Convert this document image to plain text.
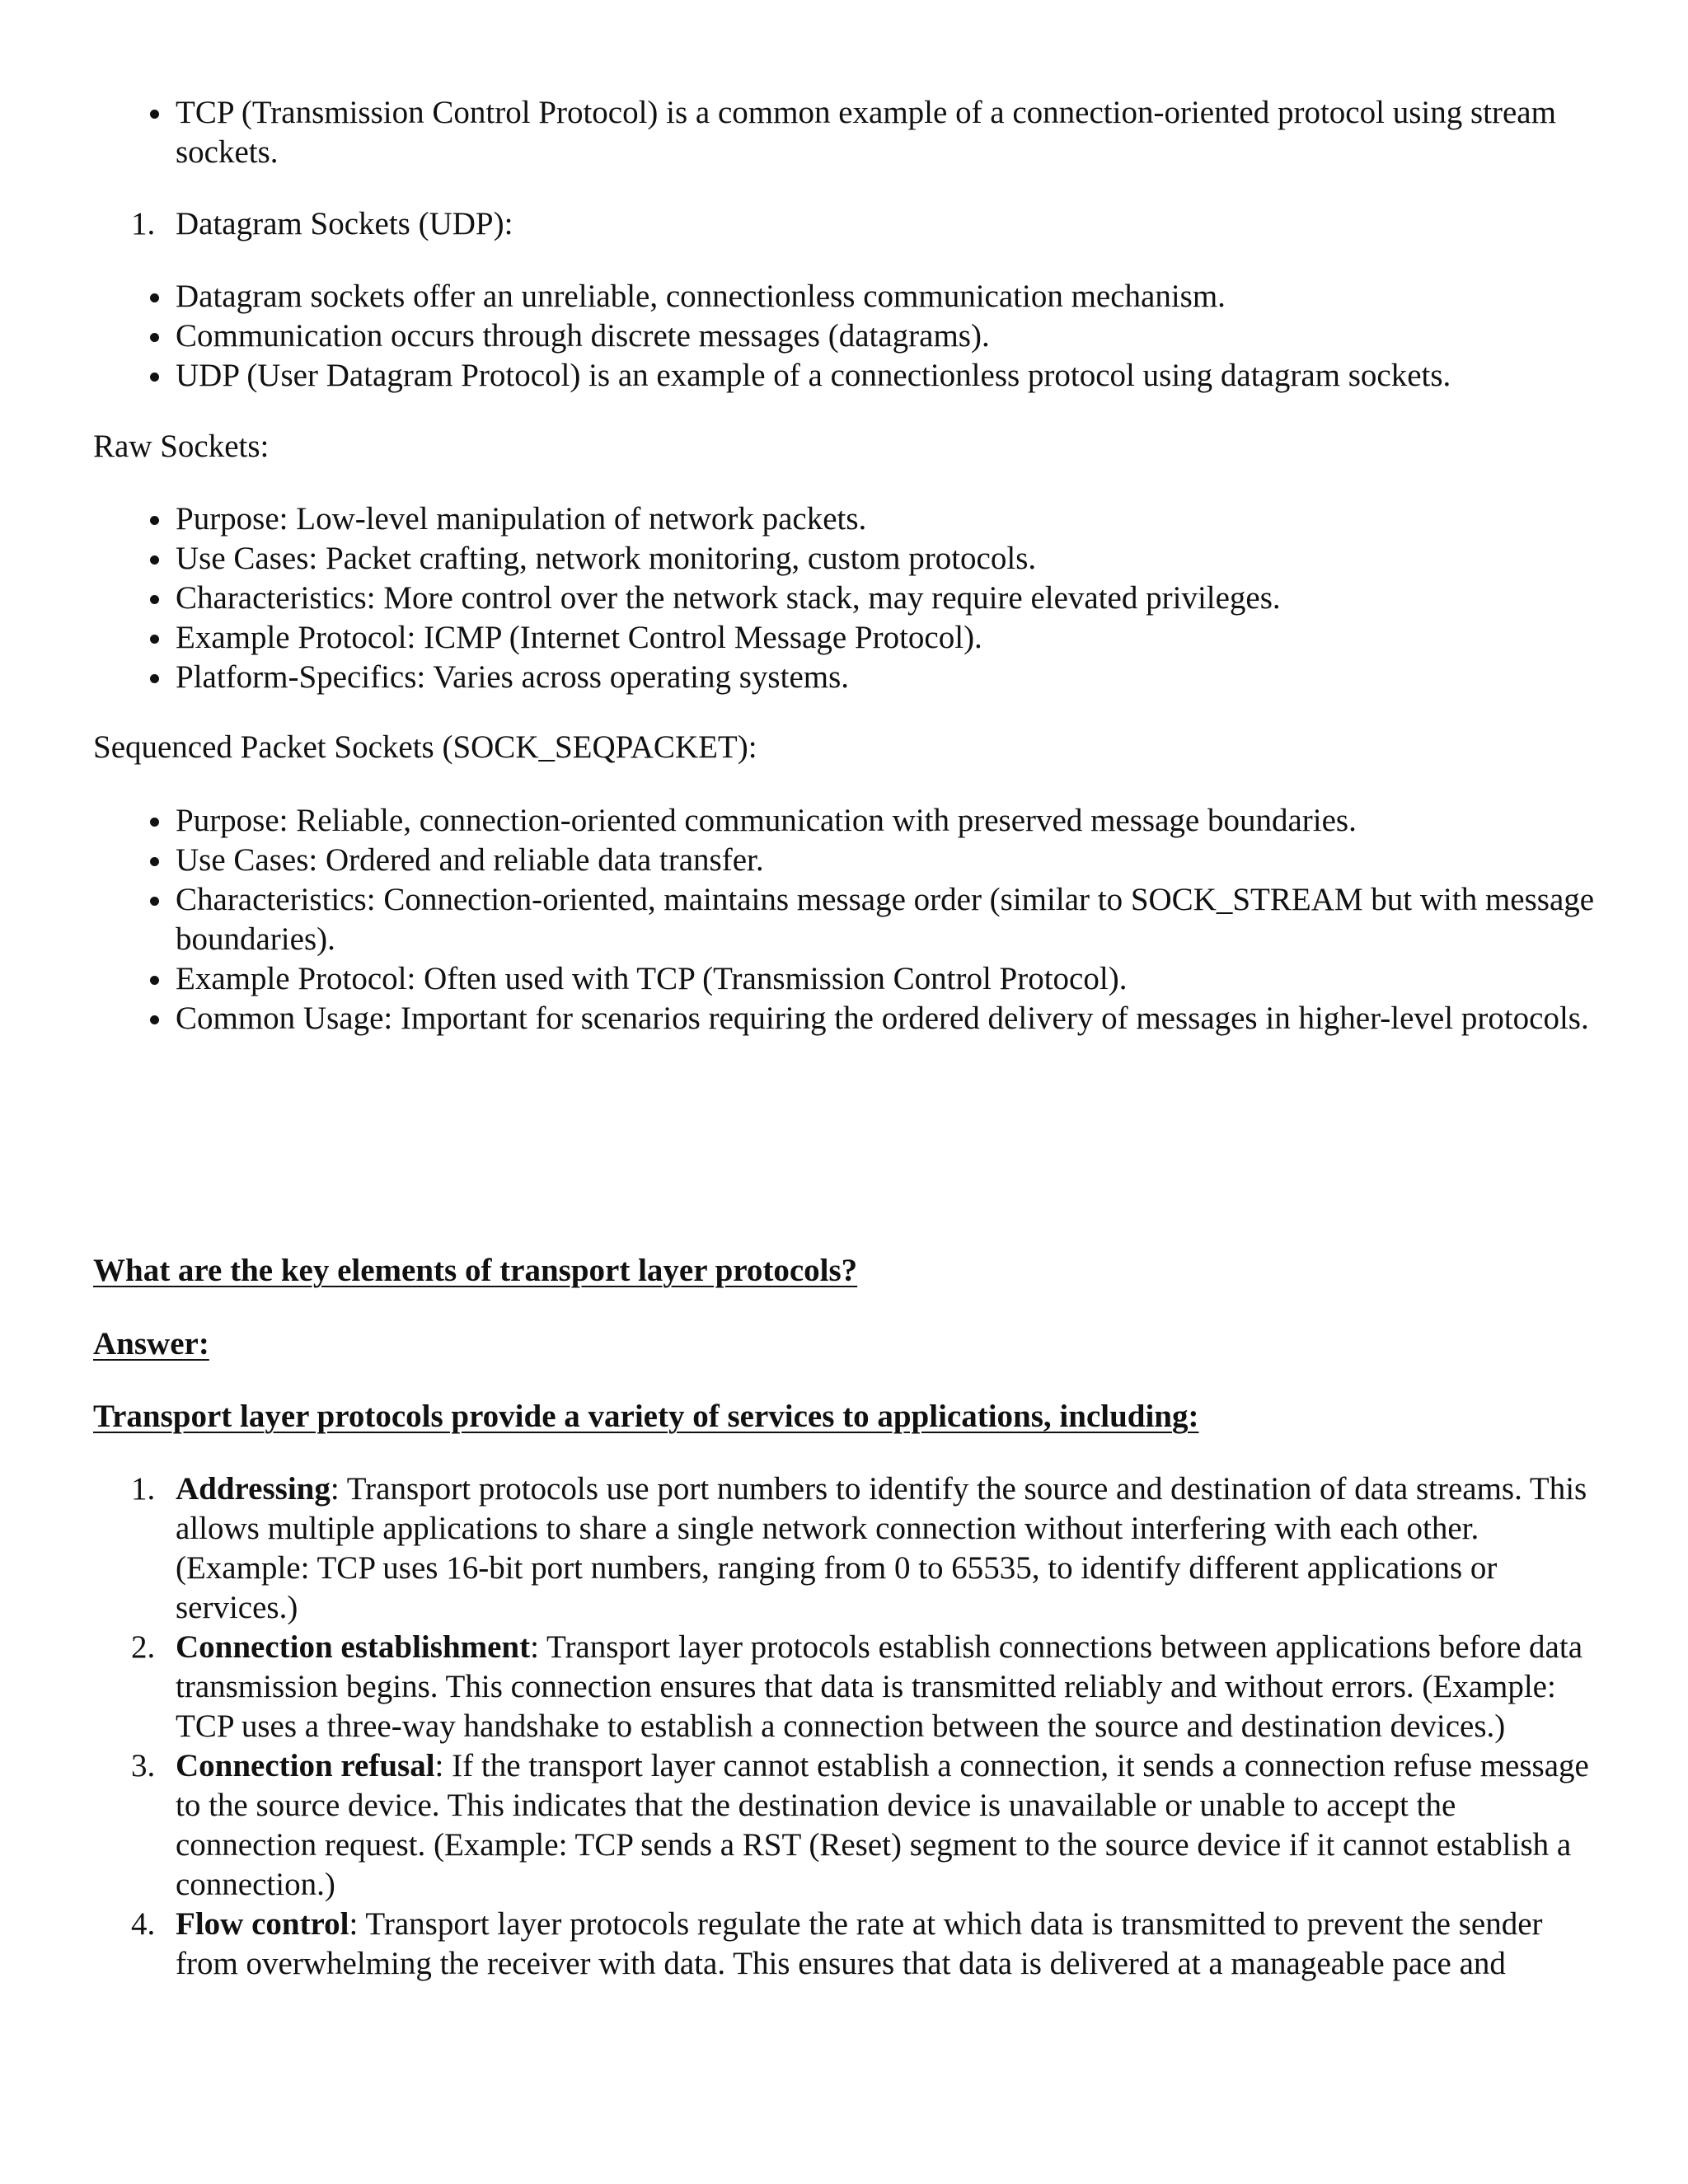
TCP (Transmission Control Protocol) is a common example of a connection-oriented protocol using stream sockets.
1. Datagram Sockets (UDP):
Datagram sockets offer an unreliable, connectionless communication mechanism.
Communication occurs through discrete messages (datagrams).
UDP (User Datagram Protocol) is an example of a connectionless protocol using datagram sockets.

Raw Sockets:

Purpose: Low-level manipulation of network packets.
Use Cases: Packet crafting, network monitoring, custom protocols.
Characteristics: More control over the network stack, may require elevated privileges.
Example Protocol: ICMP (Internet Control Message Protocol).
Platform-Specifics: Varies across operating systems.

Sequenced Packet Sockets (SOCK_SEQPACKET):

Purpose: Reliable, connection-oriented communication with preserved message boundaries.
Use Cases: Ordered and reliable data transfer.
Characteristics: Connection-oriented, maintains message order (similar to SOCK_STREAM but with message boundaries).
Example Protocol: Often used with TCP (Transmission Control Protocol).
Common Usage: Important for scenarios requiring the ordered delivery of messages in higher-level protocols.

What are the key elements of transport layer protocols?

Answer:

Transport layer protocols provide a variety of services to applications, including:

1. Addressing: Transport protocols use port numbers to identify the source and destination of data streams. This allows multiple applications to share a single network connection without interfering with each other. (Example: TCP uses 16-bit port numbers, ranging from 0 to 65535, to identify different applications or services.)
2. Connection establishment: Transport layer protocols establish connections between applications before data transmission begins. This connection ensures that data is transmitted reliably and without errors. (Example: TCP uses a three-way handshake to establish a connection between the source and destination devices.)
3. Connection refusal: If the transport layer cannot establish a connection, it sends a connection refuse message to the source device. This indicates that the destination device is unavailable or unable to accept the connection request. (Example: TCP sends a RST (Reset) segment to the source device if it cannot establish a connection.)
4. Flow control: Transport layer protocols regulate the rate at which data is transmitted to prevent the sender from overwhelming the receiver with data. This ensures that data is delivered at a manageable pace and
